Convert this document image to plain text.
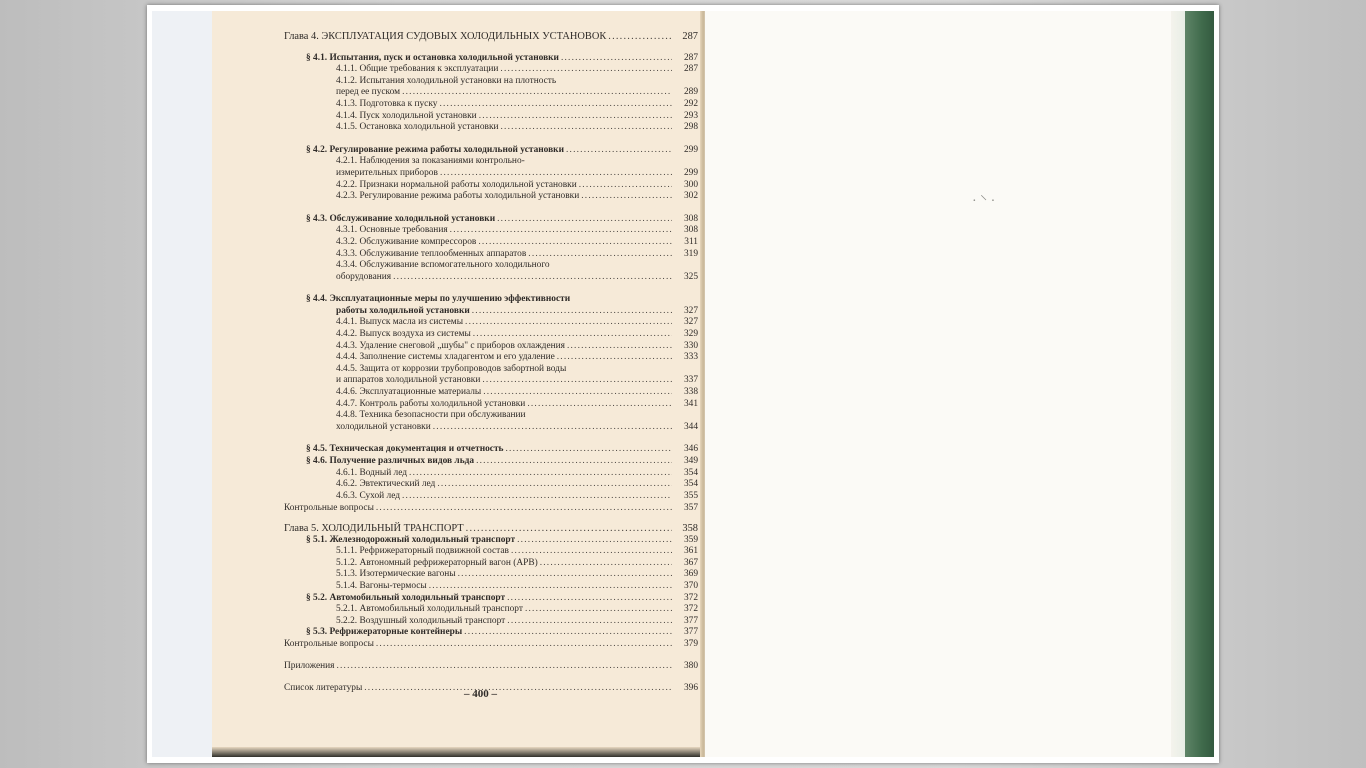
· ⸌ ·
Глава 4. ЭКСПЛУАТАЦИЯ СУДОВЫХ ХОЛОДИЛЬНЫХ УСТАНОВОК .....	287
§ 4.1. Испытания, пуск и остановка холодильной установки .....	287
4.1.1. Общие требования к эксплуатации .....	287
4.1.2. Испытания холодильной установки на плотность
перед ее пуском .....	289
4.1.3. Подготовка к пуску .....	292
4.1.4. Пуск холодильной установки .....	293
4.1.5. Остановка холодильной установки .....	298
§ 4.2. Регулирование режима работы холодильной установки .....	299
4.2.1. Наблюдения за показаниями контрольно-
измерительных приборов .....	299
4.2.2. Признаки нормальной работы холодильной установки .....	300
4.2.3. Регулирование режима работы холодильной установки .....	302
§ 4.3. Обслуживание холодильной установки .....	308
4.3.1. Основные требования .....	308
4.3.2. Обслуживание компрессоров .....	311
4.3.3. Обслуживание теплообменных аппаратов .....	319
4.3.4. Обслуживание вспомогательного холодильного
оборудования .....	325
§ 4.4. Эксплуатационные меры по улучшению эффективности
работы холодильной установки .....	327
4.4.1. Выпуск масла из системы .....	327
4.4.2. Выпуск воздуха из системы .....	329
4.4.3. Удаление снеговой „шубы" с приборов охлаждения .....	330
4.4.4. Заполнение системы хладагентом и его удаление .....	333
4.4.5. Защита от коррозии трубопроводов забортной воды
и аппаратов холодильной установки .....	337
4.4.6. Эксплуатационные материалы .....	338
4.4.7. Контроль работы холодильной установки .....	341
4.4.8. Техника безопасности при обслуживании
холодильной установки .....	344
§ 4.5. Техническая документация и отчетность .....	346
§ 4.6. Получение различных видов льда .....	349
4.6.1. Водный лед .....	354
4.6.2. Эвтектический лед .....	354
4.6.3. Сухой лед .....	355
Контрольные вопросы .....	357
Глава 5. ХОЛОДИЛЬНЫЙ ТРАНСПОРТ .....	358
§ 5.1. Железнодорожный холодильный транспорт .....	359
5.1.1. Рефрижераторный подвижной состав .....	361
5.1.2. Автономный рефрижераторный вагон (АРВ) .....	367
5.1.3. Изотермические вагоны .....	369
5.1.4. Вагоны-термосы .....	370
§ 5.2. Автомобильный холодильный транспорт .....	372
5.2.1. Автомобильный холодильный транспорт .....	372
5.2.2. Воздушный холодильный транспорт .....	377
§ 5.3. Рефрижераторные контейнеры .....	377
Контрольные вопросы .....	379
Приложения .....	380
Список литературы .....	396
– 400 –
